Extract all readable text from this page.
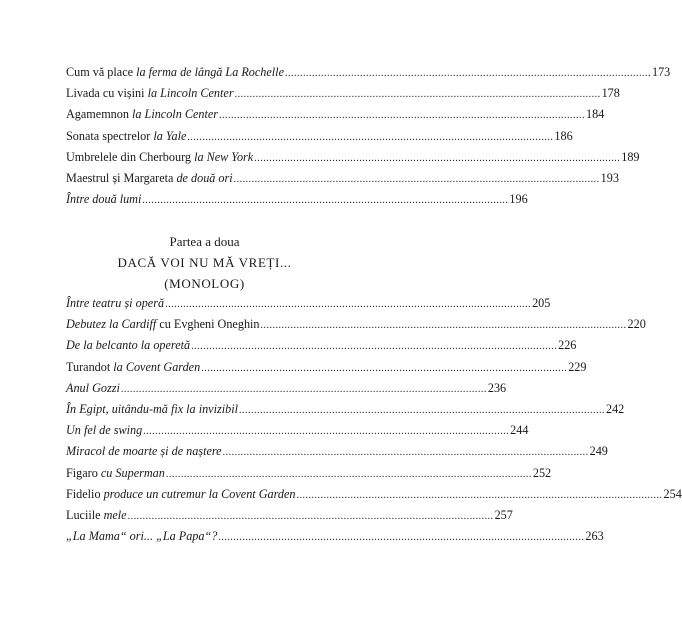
Cum vă place la ferma de lângă La Rochelle .....	173
Livada cu vișini la Lincoln Center .....	178
Agamemnon la Lincoln Center .....	184
Sonata spectrelor la Yale .....	186
Umbrelele din Cherbourg la New York .....	189
Maestrul și Margareta de două ori .....	193
Între două lumi .....	196
Partea a doua
DACĂ VOI NU MĂ VREȚI...
(MONOLOG)
Între teatru și operă .....	205
Debutez la Cardiff cu Evgheni Oneghin .....	220
De la belcanto la operetă .....	226
Turandot la Covent Garden .....	229
Anul Gozzi .....	236
În Egipt, uitându-mă fix la invizibil .....	242
Un fel de swing .....	244
Miracol de moarte și de naștere .....	249
Figaro cu Superman .....	252
Fidelio produce un cutremur la Covent Garden .....	254
Luciile mele .....	257
„La Mama“ ori... „La Papa“? .....	263
